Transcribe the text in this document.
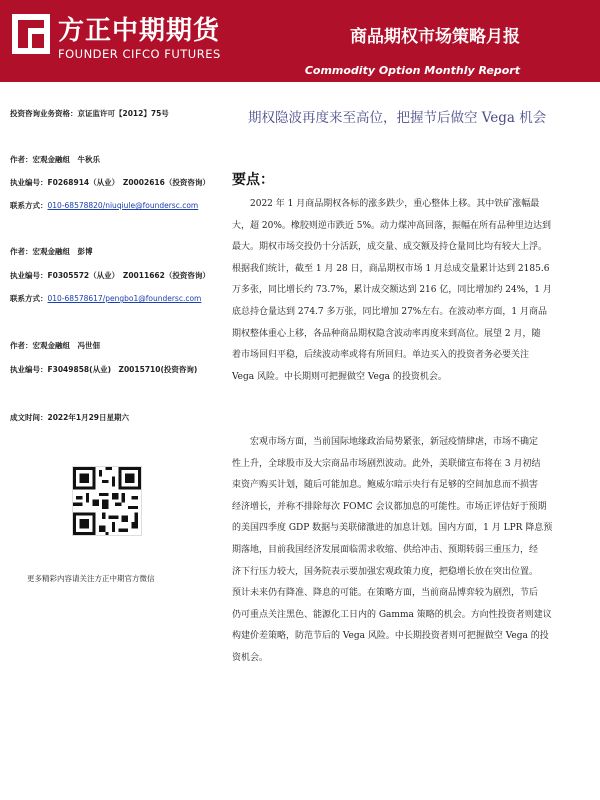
方正中期期货
FOUNDER CIFCO FUTURES
商品期权市场策略月报
Commodity Option Monthly Report
投资咨询业务资格：京证监许可【2012】75号
作者：宏观金融组　牛秋乐
执业编号：F0268914（从业）　Z0002616（投资咨询）
联系方式：010-68578820/niuqiule@foundersc.com
作者：宏观金融组　彭博
执业编号：F0305572（从业）　Z0011662（投资咨询）
联系方式：010-68578617/pengbo1@foundersc.com
作者：宏观金融组　冯世佃
执业编号：F3049858(从业)　Z0015710(投资咨询)
成文时间：2022年1月29日星期六
更多精彩内容请关注方正中期官方微信
期权隐波再度来至高位，把握节后做空 Vega 机会
要点：
　　2022 年 1 月商品期权各标的涨多跌少，重心整体上移。其中铁矿涨幅最
大，超 20%。橡胶则逆市跌近 5%。动力煤冲高回落，振幅在所有品种里边达到
最大。期权市场交投仍十分活跃，成交量、成交额及持仓量同比均有较大上浮。
根据我们统计，截至 1 月 28 日，商品期权市场 1 月总成交量累计达到 2185.6
万多张，同比增长约 73.7%，累计成交额达到 216 亿，同比增加约 24%，1 月
底总持仓量达到 274.7 多万张，同比增加 27%左右。在波动率方面，1 月商品
期权整体重心上移，各品种商品期权隐含波动率再度来到高位。展望 2 月，随
着市场回归平稳，后续波动率或将有所回归。单边买入的投资者务必要关注
Vega 风险。中长期则可把握做空 Vega 的投资机会。
　　宏观市场方面，当前国际地缘政治局势紧张，新冠疫情肆虐，市场不确定
性上升，全球股市及大宗商品市场剧烈波动。此外，美联储宣布将在 3 月初结
束资产购买计划，随后可能加息。鲍威尔暗示央行有足够的空间加息而不损害
经济增长，并称不排除每次 FOMC 会议都加息的可能性。市场正评估好于预期
的美国四季度 GDP 数据与美联储激进的加息计划。国内方面，1 月 LPR 降息预
期落地，目前我国经济发展面临需求收缩、供给冲击、预期转弱三重压力，经
济下行压力较大，国务院表示要加强宏观政策力度，把稳增长放在突出位置。
预计未来仍有降准、降息的可能。在策略方面，当前商品博弈较为剧烈，节后
仍可重点关注黑色、能源化工日内的 Gamma 策略的机会。方向性投资者则建议
构建价差策略，防范节后的 Vega 风险。中长期投资者则可把握做空 Vega 的投
资机会。
